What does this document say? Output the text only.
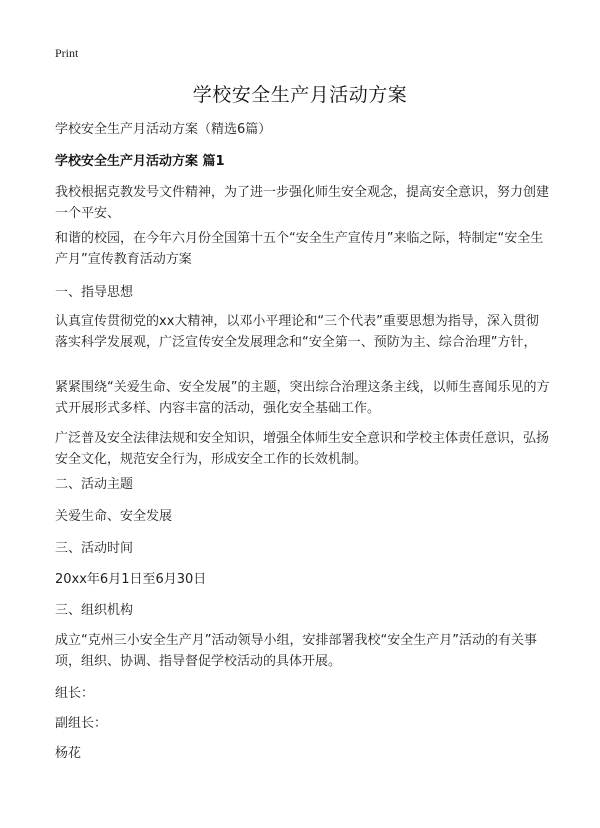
Print
学校安全生产月活动方案
学校安全生产月活动方案（精选6篇）
学校安全生产月活动方案 篇1
我校根据克教发号文件精神，为了进一步强化师生安全观念，提高安全意识，努力创建一个平安、
和谐的校园，在今年六月份全国第十五个“安全生产宣传月”来临之际，特制定“安全生产月”宣传教育活动方案
一、指导思想
认真宣传贯彻党的xx大精神，以邓小平理论和“三个代表”重要思想为指导，深入贯彻落实科学发展观，广泛宣传安全发展理念和“安全第一、预防为主、综合治理”方针，
紧紧围绕“关爱生命、安全发展”的主题，突出综合治理这条主线，以师生喜闻乐见的方式开展形式多样、内容丰富的活动，强化安全基础工作。
广泛普及安全法律法规和安全知识，增强全体师生安全意识和学校主体责任意识，弘扬安全文化，规范安全行为，形成安全工作的长效机制。
二、活动主题
关爱生命、安全发展
三、活动时间
20xx年6月1日至6月30日
三、组织机构
成立“克州三小安全生产月”活动领导小组，安排部署我校“安全生产月”活动的有关事项，组织、协调、指导督促学校活动的具体开展。
组长：
副组长：
杨花
